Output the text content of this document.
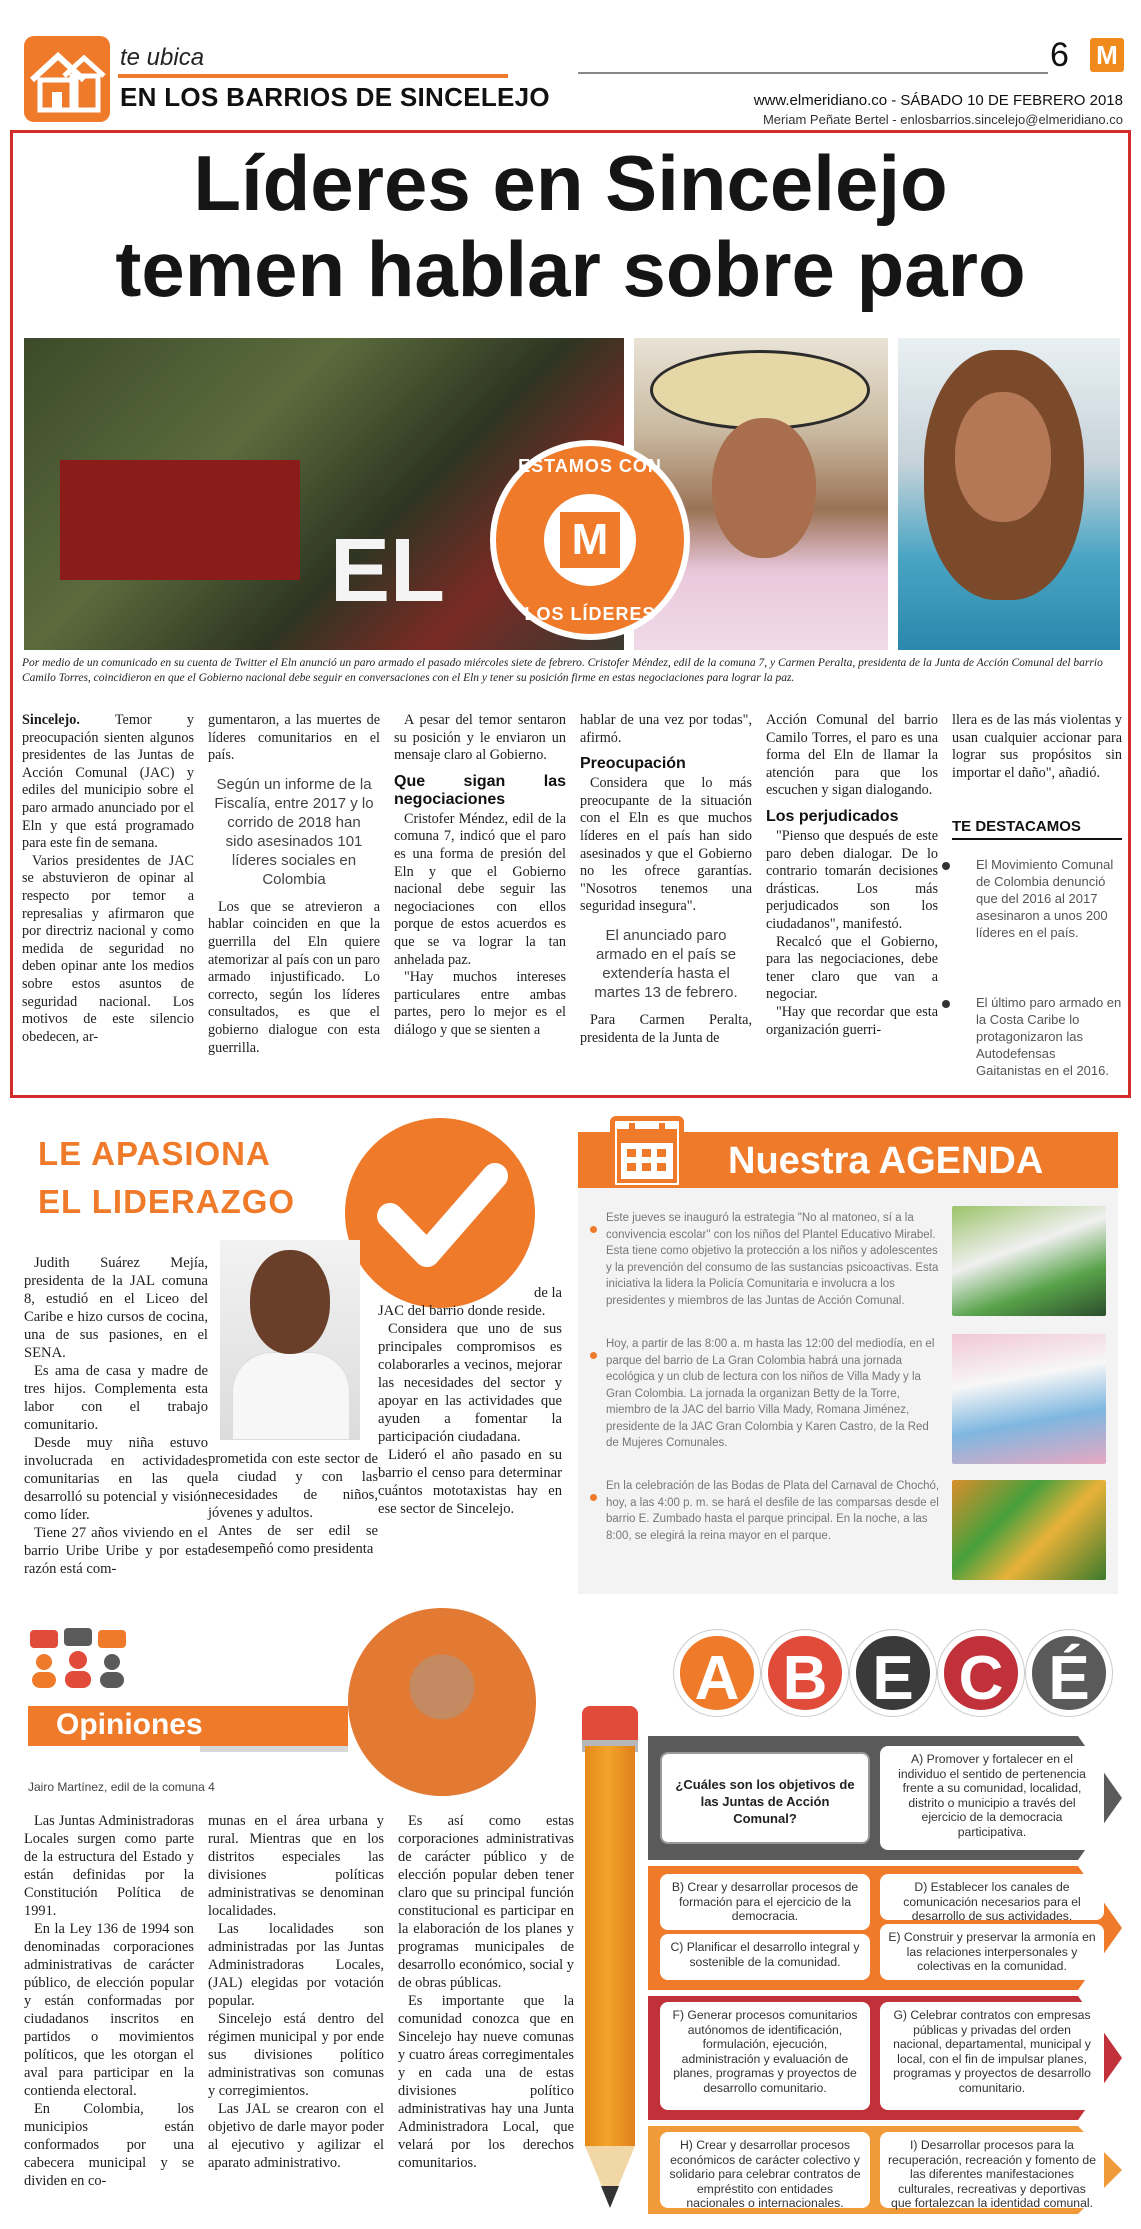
te ubica
EN LOS BARRIOS DE SINCELEJO
6 M
www.elmeridiano.co - SÁBADO 10 DE FEBRERO 2018
Meriam Peñate Bertel - enlosbarrios.sincelejo@elmeridiano.co
Líderes en Sincelejo
temen hablar sobre paro
EL	M
ESTAMOS CON
LOS LÍDERES
Por medio de un comunicado en su cuenta de Twitter el Eln anunció un paro armado el pasado miércoles siete de febrero. Cristofer Méndez, edil de la comuna 7, y Carmen Peralta, presidenta de la Junta de Acción Comunal del barrio Camilo Torres, coincidieron en que el Gobierno nacional debe seguir en conversaciones con el Eln y tener su posición firme en estas negociaciones para lograr la paz.

Sincelejo. Temor y preocupación sienten algunos presidentes de las Juntas de Acción Comunal (JAC) y ediles del municipio sobre el paro armado anunciado por el Eln y que está programado para este fin de semana.

Varios presidentes de JAC se abstuvieron de opinar al respecto por temor a represalias y afirmaron que por directriz nacional y como medida de seguridad no deben opinar ante los medios sobre estos asuntos de seguridad nacional. Los motivos de este silencio obedecen, ar-

gumentaron, a las muertes de líderes comunitarios en el país.

Según un informe de la Fiscalía, entre 2017 y lo corrido de 2018 han sido asesinados 101 líderes sociales en Colombia

Los que se atrevieron a hablar coinciden en que la guerrilla del Eln quiere atemorizar al país con un paro armado injustificado. Lo correcto, según los líderes consultados, es que el gobierno dialogue con esta guerrilla.

A pesar del temor sentaron su posición y le enviaron un mensaje claro al Gobierno.

Que sigan las negociaciones

Cristofer Méndez, edil de la comuna 7, indicó que el paro es una forma de presión del Eln y que el Gobierno nacional debe seguir las negociaciones con ellos porque de estos acuerdos es que se va lograr la tan anhelada paz.

"Hay muchos intereses particulares entre ambas partes, pero lo mejor es el diálogo y que se sienten a

hablar de una vez por todas", afirmó.

Preocupación

Considera que lo más preocupante de la situación con el Eln es que muchos líderes en el país han sido asesinados y que el Gobierno no les ofrece garantías. "Nosotros tenemos una seguridad insegura".

El anunciado paro armado en el país se extendería hasta el martes 13 de febrero.

Para Carmen Peralta, presidenta de la Junta de

Acción Comunal del barrio Camilo Torres, el paro es una forma del Eln de llamar la atención para que los escuchen y sigan dialogando.

Los perjudicados

"Pienso que después de este paro deben dialogar. De lo contrario tomarán decisiones drásticas. Los más perjudicados son los ciudadanos", manifestó.

Recalcó que el Gobierno, para las negociaciones, debe tener claro que van a negociar.

"Hay que recordar que esta organización guerri-

llera es de las más violentas y usan cualquier accionar para lograr sus propósitos sin importar el daño", añadió.

TE DESTACAMOS
El Movimiento Comunal de Colombia denunció que del 2016 al 2017 asesinaron a unos 200 líderes en el país.
El último paro armado en la Costa Caribe lo protagonizaron las Autodefensas Gaitanistas en el 2016.
LE APASIONA
EL LIDERAZGO

Judith Suárez Mejía, presidenta de la JAL comuna 8, estudió en el Liceo del Caribe e hizo cursos de cocina, una de sus pasiones, en el SENA.

Es ama de casa y madre de tres hijos. Complementa esta labor con el trabajo comunitario.

Desde muy niña estuvo involucrada en actividades comunitarias en las que desarrolló su potencial y visión como líder.

Tiene 27 años viviendo en el barrio Uribe Uribe y por esta razón está com-

prometida con este sector de la ciudad y con las necesidades de niños, jóvenes y adultos.

Antes de ser edil se desempeñó como presidenta

de la

JAC del barrio donde reside.

Considera que uno de sus principales compromisos es colaborarles a vecinos, mejorar las necesidades del sector y apoyar en las actividades que ayuden a fomentar la participación ciudadana.

Lideró el año pasado en su barrio el censo para determinar cuántos mototaxistas hay en ese sector de Sincelejo.

Nuestra AGENDA
Este jueves se inauguró la estrategia "No al matoneo, sí a la convivencia escolar" con los niños del Plantel Educativo Mirabel. Esta tiene como objetivo la protección a los niños y adolescentes y la prevención del consumo de las sustancias psicoactivas. Esta iniciativa la lidera la Policía Comunitaria e involucra a los presidentes y miembros de las Juntas de Acción Comunal.
Hoy, a partir de las 8:00 a. m hasta las 12:00 del mediodía, en el parque del barrio de La Gran Colombia habrá una jornada ecológica y un club de lectura con los niños de Villa Mady y la Gran Colombia. La jornada la organizan Betty de la Torre, miembro de la JAC del barrio Villa Mady, Romana Jiménez, presidente de la JAC Gran Colombia y Karen Castro, de la Red de Mujeres Comunales.
En la celebración de las Bodas de Plata del Carnaval de Chochó, hoy, a las 4:00 p. m. se hará el desfile de las comparsas desde el barrio E. Zumbado hasta el parque principal. En la noche, a las 8:00, se elegirá la reina mayor en el parque.
Opiniones
Jairo Martínez, edil de la comuna 4

Las Juntas Administradoras Locales surgen como parte de la estructura del Estado y están definidas por la Constitución Política de 1991.

En la Ley 136 de 1994 son denominadas corporaciones administrativas de carácter público, de elección popular y están conformadas por ciudadanos inscritos en partidos o movimientos políticos, que les otorgan el aval para participar en la contienda electoral.

En Colombia, los municipios están conformados por una cabecera municipal y se dividen en co-

munas en el área urbana y rural. Mientras que en los distritos especiales las divisiones políticas administrativas se denominan localidades.

Las localidades son administradas por las Juntas Administradoras Locales, (JAL) elegidas por votación popular.

Sincelejo está dentro del régimen municipal y por ende sus divisiones político administrativas son comunas y corregimientos.

Las JAL se crearon con el objetivo de darle mayor poder al ejecutivo y agilizar el aparato administrativo.

Es así como estas corporaciones administrativas de carácter público y de elección popular deben tener claro que su principal función constitucional es participar en la elaboración de los planes y programas municipales de desarrollo económico, social y de obras públicas.

Es importante que la comunidad conozca que en Sincelejo hay nueve comunas y cuatro áreas corregimentales y en cada una de estas divisiones político administrativas hay una Junta Administradora Local, que velará por los derechos comunitarios.

A B E C É
¿Cuáles son los objetivos de las Juntas de Acción Comunal?
A) Promover y fortalecer en el individuo el sentido de pertenencia frente a su comunidad, localidad, distrito o municipio a través del ejercicio de la democracia participativa.
B) Crear y desarrollar procesos de formación para el ejercicio de la democracia.
C) Planificar el desarrollo integral y sostenible de la comunidad.
D) Establecer los canales de comunicación necesarios para el desarrollo de sus actividades.
E) Construir y preservar la armonía en las relaciones interpersonales y colectivas en la comunidad.
F) Generar procesos comunitarios autónomos de identificación, formulación, ejecución, administración y evaluación de planes, programas y proyectos de desarrollo comunitario.
G) Celebrar contratos con empresas públicas y privadas del orden nacional, departamental, municipal y local, con el fin de impulsar planes, programas y proyectos de desarrollo comunitario.
H) Crear y desarrollar procesos económicos de carácter colectivo y solidario para celebrar contratos de empréstito con entidades nacionales o internacionales.
I) Desarrollar procesos para la recuperación, recreación y fomento de las diferentes manifestaciones culturales, recreativas y deportivas que fortalezcan la identidad comunal.
